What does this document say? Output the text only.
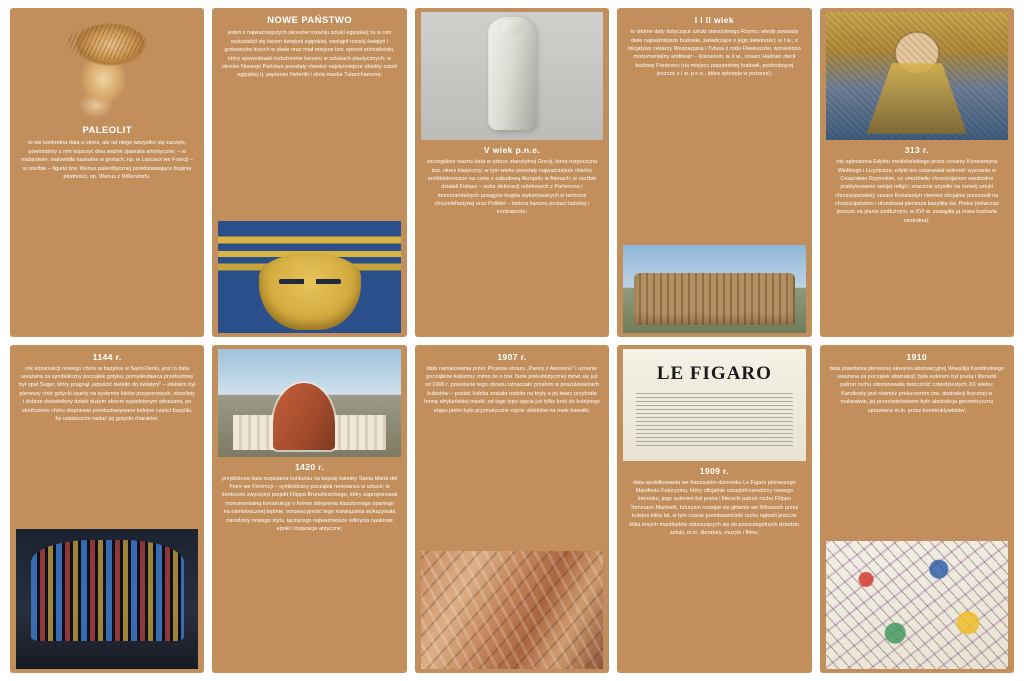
PALEOLIT
to nie konkretna data a okres, ale od niego wszystko się zaczęło, powinniśmy z nim kojarzyć dwa ważne zjawiska artystyczne: – w malarstwie: malowidła naskalne w grotach, np. w Lascaux we Francji – w rzeźbie – figurki tzw. Wenus paleolitycznej przedstawiające boginię płodności, np. Wenus z Willendorfu.
NOWE PAŃSTWO
jeden z najważniejszych okresów rozwoju sztuki egipskiej; to w nim wykształcił się kanon świątyni egipskiej, nastąpił rozwój świątyń i grobowców kutych w skale oraz miał miejsce tzw. epizod echnatoński, który spowodował rozluźnienie kanonu w sztukach plastycznych; w okresie Nowego Państwa powstały również najsłynniejsze obiekty sztuki egipskiej tj. popiersie Nefertiti i złota maska Tutanchamona;
V wiek p.n.e.
szczególnie ważna data w sztuce starożytnej Grecji, która rozpoczyna tzw. okres klasyczny; w tym wieku powstały najważniejsze obiekty architektoniczne na czele z zabudową Akropolu w Atenach; w rzeźbie działali Fidiasz – autor dekoracji reliefowych z Partenonu i monumentalnych posągów bogów wykonywanych w technice chryzelefantynej oraz Poliklet – twórca kanonu postaci ludzkiej i kontrapostu;
I i II wiek
to istotne daty dotyczące sztuki starożytnego Rzymu; wtedy powstały dwie najważniejsze budowle, świadczące o jego świetności; w I w., z inicjatywy cesarzy Wespazjana i Tytusa z rodu Flawiuszów, wzniesiono monumentalny amfiteatr – Koloseum, w II w., cesarz Hadrian zlecił budowę Panteonu (na miejscu poprzedniej budowli, pochodzącej jeszcze z I w. p.n.e., która spłonęła w pożarze);
313 r.
rok ogłoszenia Edyktu mediolańskiego przez cesarzy Konstantyna Wielkiego i Licyniusza, edykt ten ustanawiał wolność wyznania w Cesarstwie Rzymskim, co umożliwiło chrześcijanom swobodne praktykowanie swojej religii i znacznie ożywiło na rozwój sztuki chrześcijańskiej; cesarz Konstantyn również oficjalnie przeszedł na chrześcijaństwo i ufundował pierwsza bazylikę św. Piotra (wówczas jeszcze na planie podłużnym, w XVI w. zastąpiła ją nowa budowla centralna);
1144 r.
rok konstrukcji nowego chóru w bazylice w Saint-Denis, jest to data uważana za symboliczny początek gotyku; pomysłodawca przebudowy był opat Suger, który pragnął „wpuścić światło do świątyni” – efektem był pierwszy chór gotycki oparty na systemie łuków przyporowych, strzelisty i dobrze doświetlony dzięki dużym oknom wypełnionym witrażami, po skończeniu chóru stopniowo przebudowywano kolejne części bazyliki, by ostatecznie nadać jej gotycki charakter;
1420 r.
przybliżona data rozpisania konkursu na kopułę katedry Santa Maria del Fiore we Florencji – symboliczny początek renesansu w sztuce; w konkursie zwyciężył projekt Filippa Brunelleschiego, który zaproponował monumentalną konstrukcję o formie sklepienia klasztornego opartego na ośmiobocznej bębnie, innowacyjność tego rozwiązania wykazywała narodziny nowego stylu, łączącego najważniejsze odkrycia naukowe epoki i inspiracje antyczne;
1907 r.
data namalowania przez Picassa obrazu „Panny z Awinionu” i uznanie początków kubizmu; mimo że o tzw. fazie prekubistycznej mówi się już od 1906 r. powstanie tego obrazu oznaczało przełom w poszukiwaniach kubistów – postać ludzka została rozbita na bryły a jej twarz przybrała formę afrykańskiej maski; od tego typu ujęcia już tylko krok do kolejnego etapu jakim było pryzmatyczne cięcie obiektów na małe kawałki;
LE FIGARO
1909 r.
data opublikowania we francuskim dzienniku Le Figaro pierwszego Manifestu Futuryzmu, który oficjalnie oznajmił narodziny nowego kierunku, jego autorem był poeta i literacki patron ruchu Filippo Tommaso Marinetti, futuryzm rozwijał się głównie we Włoszech przez kolejne kilka lat, w tym czasie przedstawiciele ruchu ogłosili jeszcze kilka innych manifestów odnoszących się do poszczególnych dziedzin sztuki, m.in. literatury, muzyki i filmu;
1910
data powstania pierwszej akwareli abstrakcyjnej Wassilija Kandinskiego uważana za początek abstrakcji; była autorem był poetą i literacki patron ruchu zdominowała twórczość czterdziestych XX wieku; Kandinsky jest również prekursorem tzw. abstrakcji lirycznej w malarstwie, jej przeciwieństwem było abstrakcja geometryczna uprawiana m.in. przez konstruktywistów;
